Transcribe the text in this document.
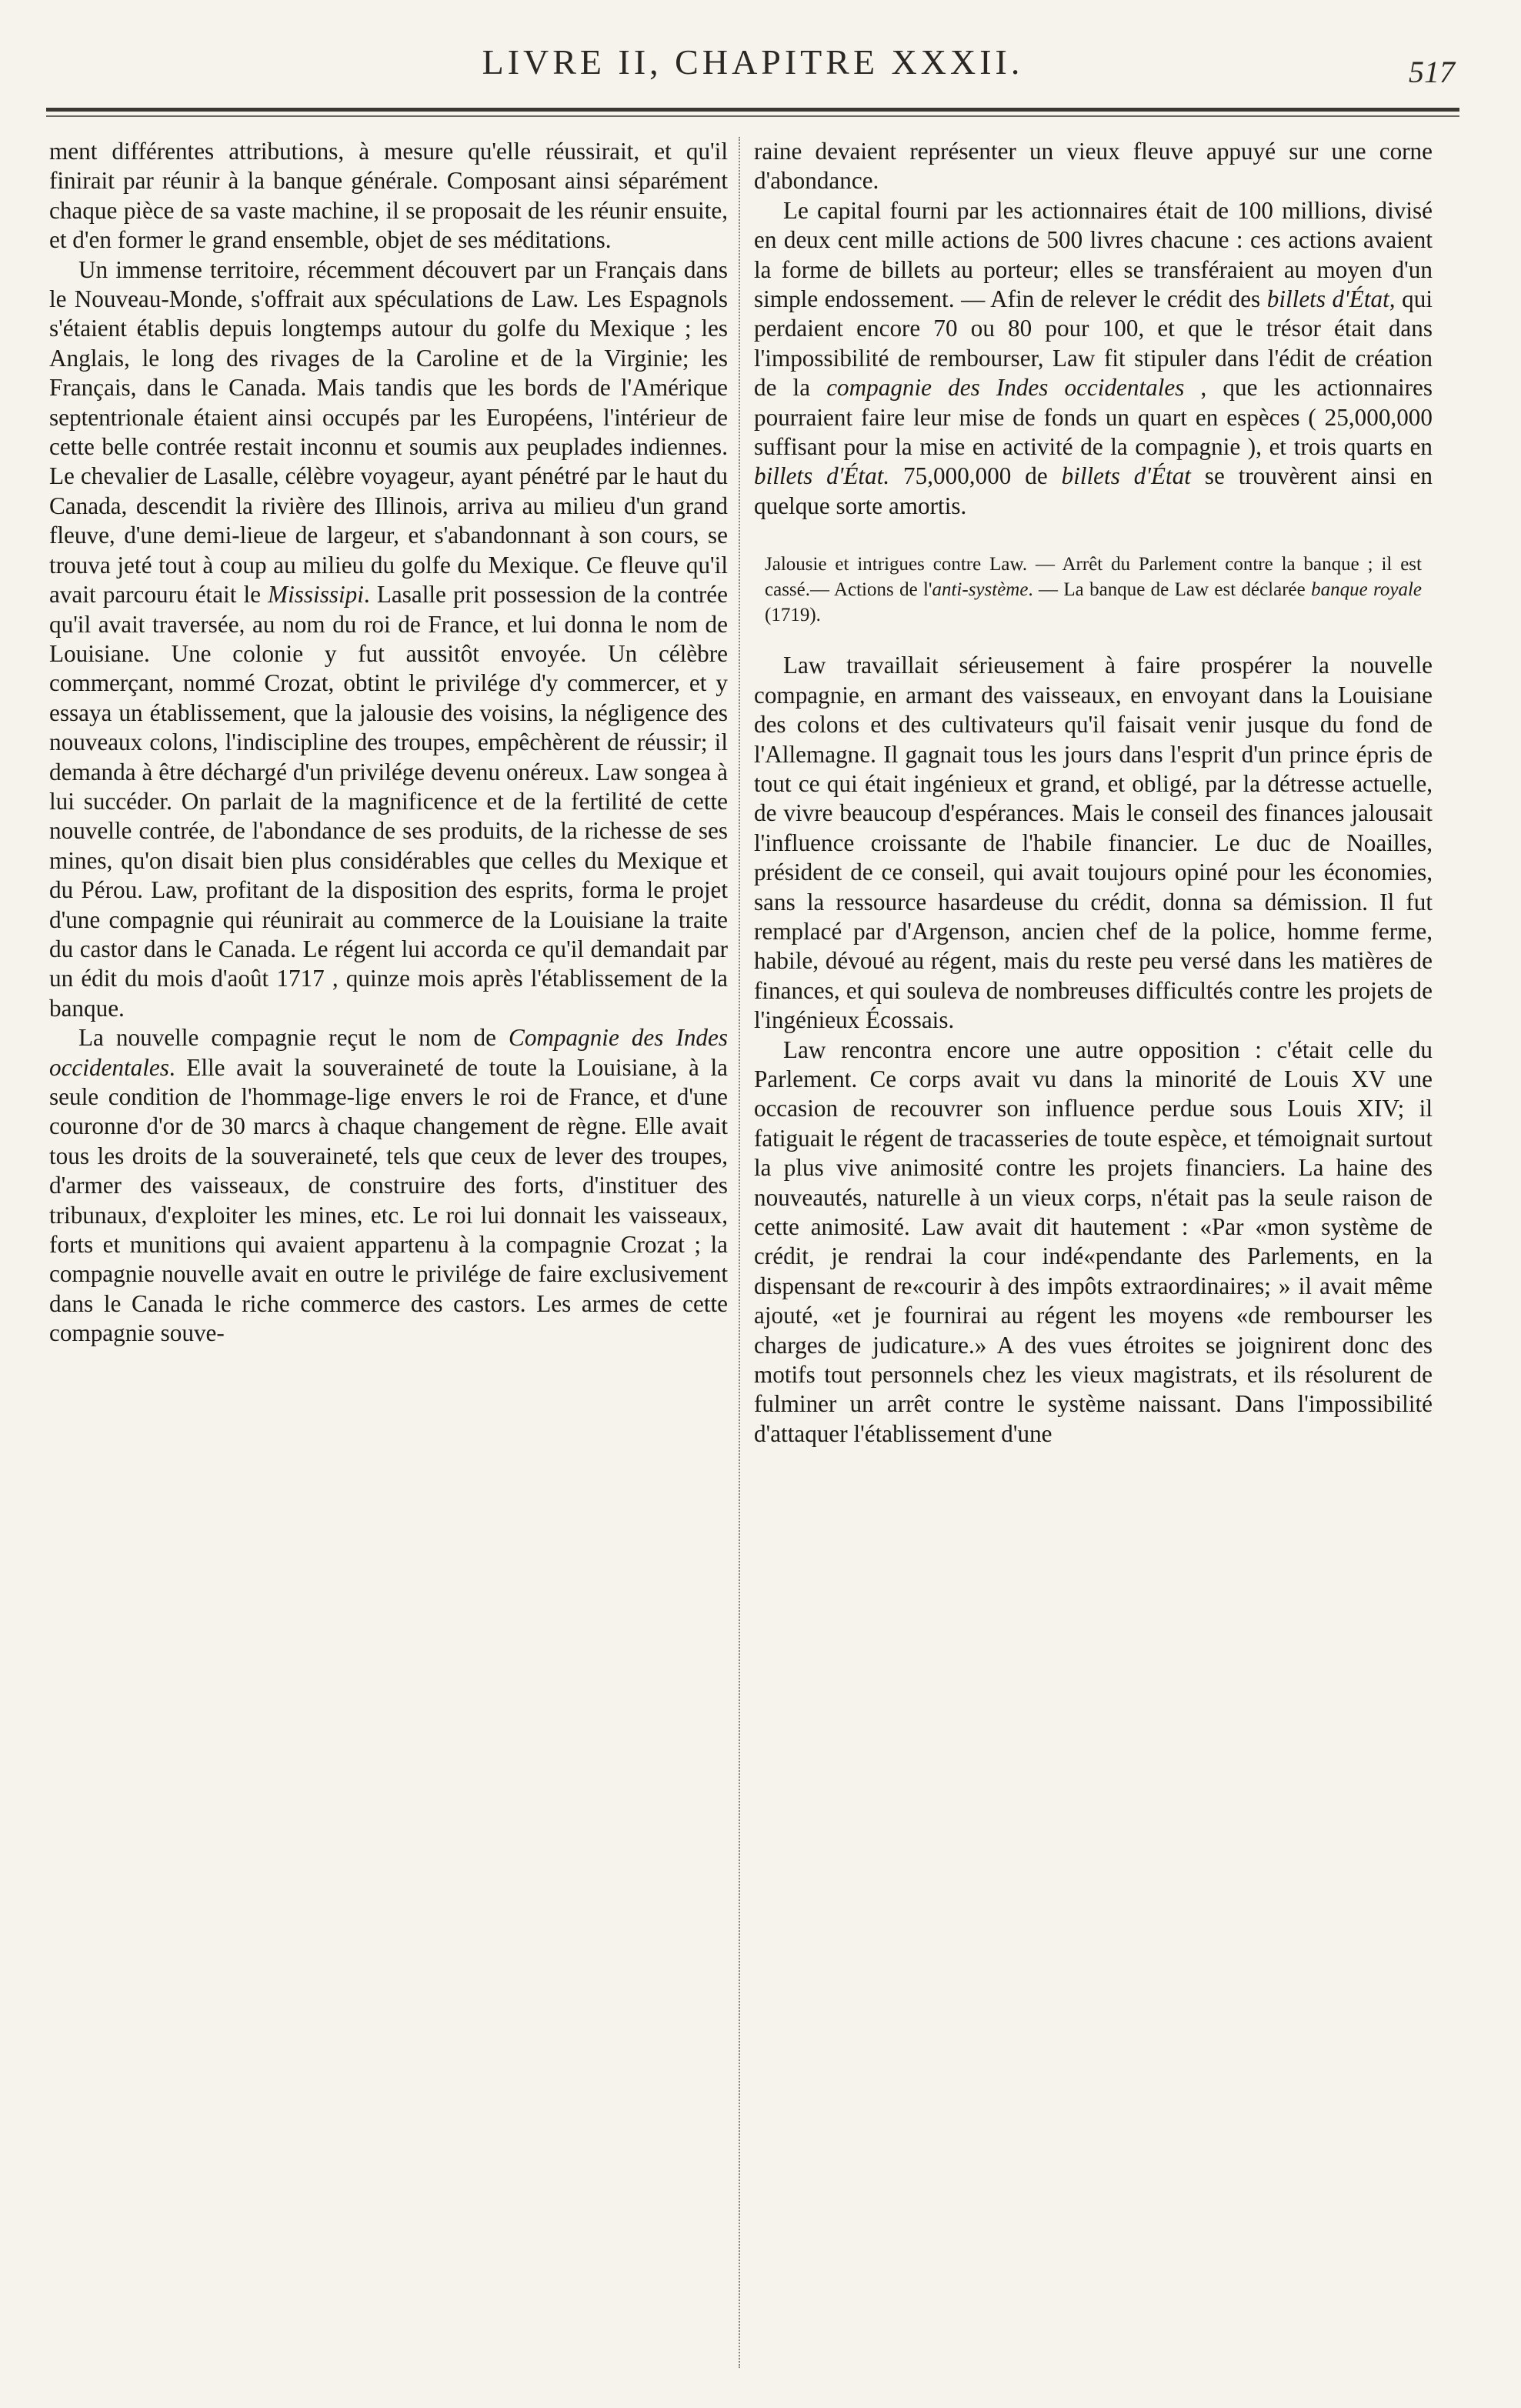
LIVRE II, CHAPITRE XXXII.	517

ment différentes attributions, à mesure qu'elle réussirait, et qu'il finirait par réunir à la banque générale. Composant ainsi séparément chaque pièce de sa vaste machine, il se proposait de les réunir ensuite, et d'en former le grand ensemble, objet de ses méditations.

Un immense territoire, récemment découvert par un Français dans le Nouveau-Monde, s'offrait aux spéculations de Law. Les Espagnols s'étaient établis depuis longtemps autour du golfe du Mexique ; les Anglais, le long des rivages de la Caroline et de la Virginie; les Français, dans le Canada. Mais tandis que les bords de l'Amérique septentrionale étaient ainsi occupés par les Européens, l'intérieur de cette belle contrée restait inconnu et soumis aux peuplades indiennes. Le chevalier de Lasalle, célèbre voyageur, ayant pénétré par le haut du Canada, descendit la rivière des Illinois, arriva au milieu d'un grand fleuve, d'une demi-lieue de largeur, et s'abandonnant à son cours, se trouva jeté tout à coup au milieu du golfe du Mexique. Ce fleuve qu'il avait parcouru était le Mississipi. Lasalle prit possession de la contrée qu'il avait traversée, au nom du roi de France, et lui donna le nom de Louisiane. Une colonie y fut aussitôt envoyée. Un célèbre commerçant, nommé Crozat, obtint le privilége d'y commercer, et y essaya un établissement, que la jalousie des voisins, la négligence des nouveaux colons, l'indiscipline des troupes, empêchèrent de réussir; il demanda à être déchargé d'un privilége devenu onéreux. Law songea à lui succéder. On parlait de la magnificence et de la fertilité de cette nouvelle contrée, de l'abondance de ses produits, de la richesse de ses mines, qu'on disait bien plus considérables que celles du Mexique et du Pérou. Law, profitant de la disposition des esprits, forma le projet d'une compagnie qui réunirait au commerce de la Louisiane la traite du castor dans le Canada. Le régent lui accorda ce qu'il demandait par un édit du mois d'août 1717 , quinze mois après l'établissement de la banque.

La nouvelle compagnie reçut le nom de Compagnie des Indes occidentales. Elle avait la souveraineté de toute la Louisiane, à la seule condition de l'hommage-lige envers le roi de France, et d'une couronne d'or de 30 marcs à chaque changement de règne. Elle avait tous les droits de la souveraineté, tels que ceux de lever des troupes, d'armer des vaisseaux, de construire des forts, d'instituer des tribunaux, d'exploiter les mines, etc. Le roi lui donnait les vaisseaux, forts et munitions qui avaient appartenu à la compagnie Crozat ; la compagnie nouvelle avait en outre le privilége de faire exclusivement dans le Canada le riche commerce des castors. Les armes de cette compagnie souve-

raine devaient représenter un vieux fleuve appuyé sur une corne d'abondance.

Le capital fourni par les actionnaires était de 100 millions, divisé en deux cent mille actions de 500 livres chacune : ces actions avaient la forme de billets au porteur; elles se transféraient au moyen d'un simple endossement. — Afin de relever le crédit des billets d'État, qui perdaient encore 70 ou 80 pour 100, et que le trésor était dans l'impossibilité de rembourser, Law fit stipuler dans l'édit de création de la compagnie des Indes occidentales , que les actionnaires pourraient faire leur mise de fonds un quart en espèces ( 25,000,000 suffisant pour la mise en activité de la compagnie ), et trois quarts en billets d'État. 75,000,000 de billets d'État se trouvèrent ainsi en quelque sorte amortis.

Jalousie et intrigues contre Law. — Arrêt du Parlement contre la banque ; il est cassé.— Actions de l'anti-système. — La banque de Law est déclarée banque royale (1719).

Law travaillait sérieusement à faire prospérer la nouvelle compagnie, en armant des vaisseaux, en envoyant dans la Louisiane des colons et des cultivateurs qu'il faisait venir jusque du fond de l'Allemagne. Il gagnait tous les jours dans l'esprit d'un prince épris de tout ce qui était ingénieux et grand, et obligé, par la détresse actuelle, de vivre beaucoup d'espérances. Mais le conseil des finances jalousait l'influence croissante de l'habile financier. Le duc de Noailles, président de ce conseil, qui avait toujours opiné pour les économies, sans la ressource hasardeuse du crédit, donna sa démission. Il fut remplacé par d'Argenson, ancien chef de la police, homme ferme, habile, dévoué au régent, mais du reste peu versé dans les matières de finances, et qui souleva de nombreuses difficultés contre les projets de l'ingénieux Écossais.

Law rencontra encore une autre opposition : c'était celle du Parlement. Ce corps avait vu dans la minorité de Louis XV une occasion de recouvrer son influence perdue sous Louis XIV; il fatiguait le régent de tracasseries de toute espèce, et témoignait surtout la plus vive animosité contre les projets financiers. La haine des nouveautés, naturelle à un vieux corps, n'était pas la seule raison de cette animosité. Law avait dit hautement : «Par «mon système de crédit, je rendrai la cour indé«pendante des Parlements, en la dispensant de re«courir à des impôts extraordinaires; » il avait même ajouté, «et je fournirai au régent les moyens «de rembourser les charges de judicature.» A des vues étroites se joignirent donc des motifs tout personnels chez les vieux magistrats, et ils résolurent de fulminer un arrêt contre le système naissant. Dans l'impossibilité d'attaquer l'établissement d'une
